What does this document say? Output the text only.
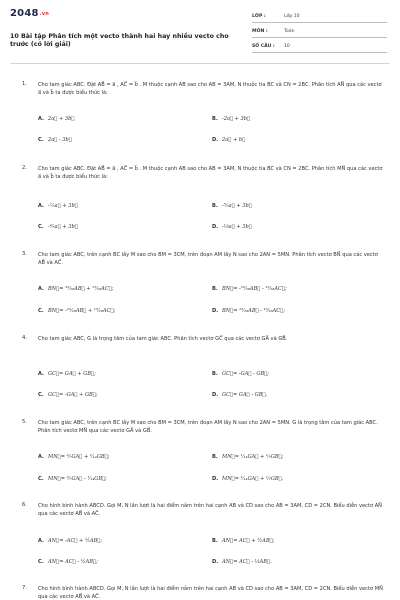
2048.vn
10 Bài tập Phân tích một vecto thành hai hay nhiều vecto cho trước (có lời giải)
LỚP :	Lớp 10
MÔN :	Toán
SỐ CÂU : 10
1. Cho tam giác ABC. Đặt AB⃗ = a⃗ , AC⃗ = b⃗ . M thuộc cạnh AB sao cho AB = 3AM, N thuộc tia BC và CN = 2BC. Phân tích AN⃗ qua các vectơ a⃗ và b⃗ ta được biểu thức là:
A. 2a⃗ + 3b⃗	B. -2a⃗ + 3b⃗
C. 2a⃗ - 3b⃗	D. 2a⃗ + b⃗
2. Cho tam giác ABC. Đặt AB⃗ = a⃗ , AC⃗ = b⃗ . M thuộc cạnh AB sao cho AB = 3AM, N thuộc tia BC và CN = 2BC. Phân tích MN⃗ qua các vectơ a⃗ và b⃗ ta được biểu thức là:
A. -⁷⁄₃a⃗ + 3b⃗	B. -⁵⁄₃a⃗ + 3b⃗
C. -⁴⁄₃a⃗ + 3b⃗	D. -⅓a⃗ + 3b⃗
3. Cho tam giác ABC, trên cạnh BC lấy M sao cho BM = 3CM, trên đoạn AM lấy N sao cho 2AN = 5MN. Phân tích vectơ BN⃗ qua các vectơ AB⃗ và AC⃗.
A. BN⃗= ²³⁄₂₈AB⃗ + ¹⁵⁄₂₈AC⃗;	B. BN⃗= -²³⁄₂₈AB⃗ - ¹⁵⁄₂₈AC⃗;
C. BN⃗= -²³⁄₂₈AB⃗ + ¹⁵⁄₂₈AC⃗;	D. BN⃗= ²³⁄₂₈AB⃗ - ¹⁵⁄₂₈AC⃗;
4. Cho tam giác ABC, G là trọng tâm của tam giác ABC. Phân tích vectơ GC⃗ qua các vectơ GA⃗ và GB⃗.
A. GC⃗= GA⃗ + GB⃗;	B. GC⃗= -GA⃗ - GB⃗;
C. GC⃗= -GA⃗ + GB⃗;	D. GC⃗= GA⃗ - GB⃗.
5. Cho tam giác ABC, trên cạnh BC lấy M sao cho BM = 3CM, trên đoạn AM lấy N sao cho 2AN = 5MN. G là trọng tâm của tam giác ABC. Phân tích vectơ MN⃗ qua các vectơ GA⃗ và GB⃗.
A. MN⃗= ³⁄₇GA⃗ + ¹⁄₁₄GB⃗;	B. MN⃗= ¹⁄₁₄GA⃗ + ¹⁄₇GB⃗;
C. MN⃗= ³⁄₇GA⃗ - ¹⁄₁₄GB⃗;	D. MN⃗= ¹⁄₁₄GA⃗ + ¹⁄₇GB⃗.
6. Cho hình bình hành ABCD. Gọi M, N lần lượt là hai điểm nằm trên hai cạnh AB và CD sao cho AB = 3AM, CD = 2CN. Biểu diễn vectơ AN⃗ qua các vectơ AB⃗ và AC⃗.
A. AN⃗= -AC⃗ + ½AB⃗;	B. AN⃗= AC⃗ + ½AB⃗;
C. AN⃗= AC⃗ - ½AB⃗;	D. AN⃗= AC⃗ - ⅓AB⃗.
7. Cho hình bình hành ABCD. Gọi M, N lần lượt là hai điểm nằm trên hai cạnh AB và CD sao cho AB = 3AM, CD = 2CN. Biểu diễn vectơ MN⃗ qua các vectơ AB⃗ và AC⃗.
